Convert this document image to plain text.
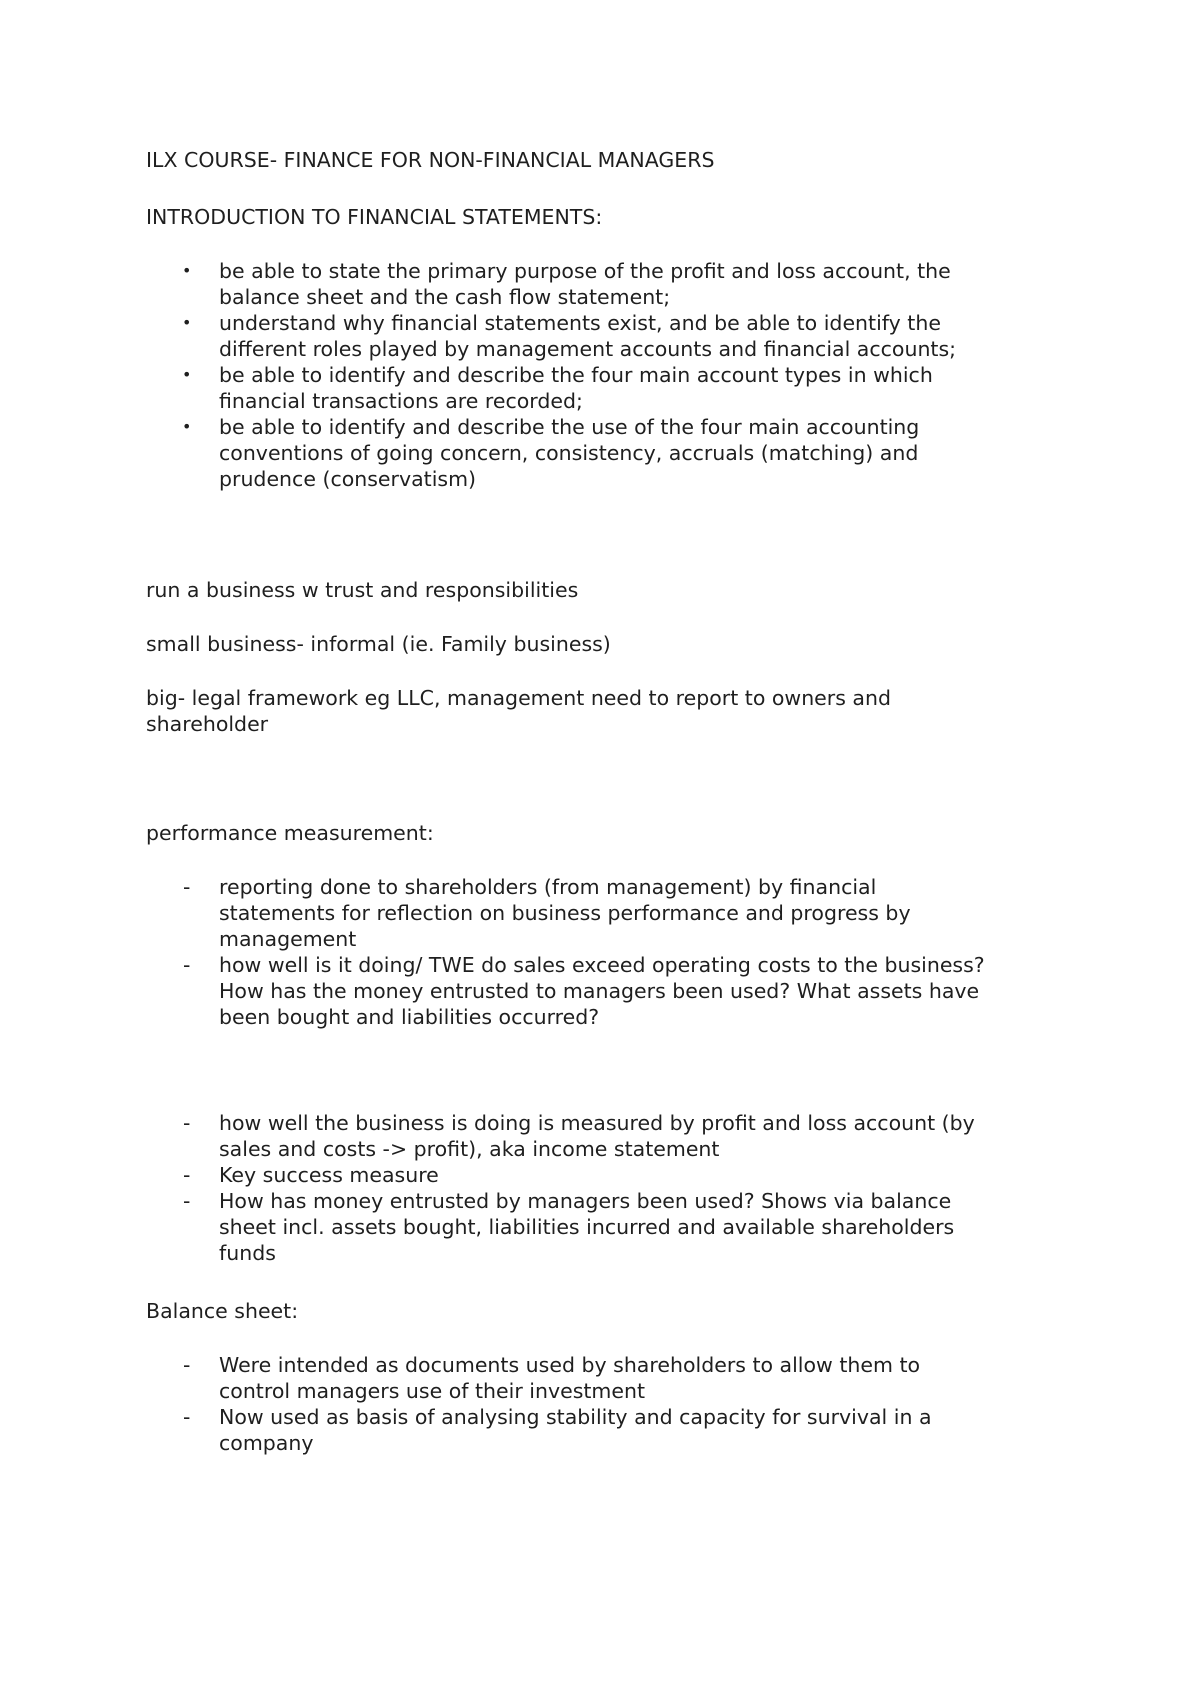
ILX COURSE- FINANCE FOR NON-FINANCIAL MANAGERS

INTRODUCTION TO FINANCIAL STATEMENTS:

•	be able to state the primary purpose of the profit and loss account, the
balance sheet and the cash flow statement;
•	understand why financial statements exist, and be able to identify the
different roles played by management accounts and financial accounts;
•	be able to identify and describe the four main account types in which
financial transactions are recorded;
•	be able to identify and describe the use of the four main accounting
conventions of going concern, consistency, accruals (matching) and
prudence (conservatism)

run a business w trust and responsibilities

small business- informal (ie. Family business)

big- legal framework eg LLC, management need to report to owners and
shareholder

performance measurement:

-	reporting done to shareholders (from management) by financial
statements for reflection on business performance and progress by
management
-	how well is it doing/ TWE do sales exceed operating costs to the business?
How has the money entrusted to managers been used? What assets have
been bought and liabilities occurred?
-	how well the business is doing is measured by profit and loss account (by
sales and costs -> profit), aka income statement
-	Key success measure
-	How has money entrusted by managers been used? Shows via balance
sheet incl. assets bought, liabilities incurred and available shareholders
funds

Balance sheet:

-	Were intended as documents used by shareholders to allow them to
control managers use of their investment
-	Now used as basis of analysing stability and capacity for survival in a
company
